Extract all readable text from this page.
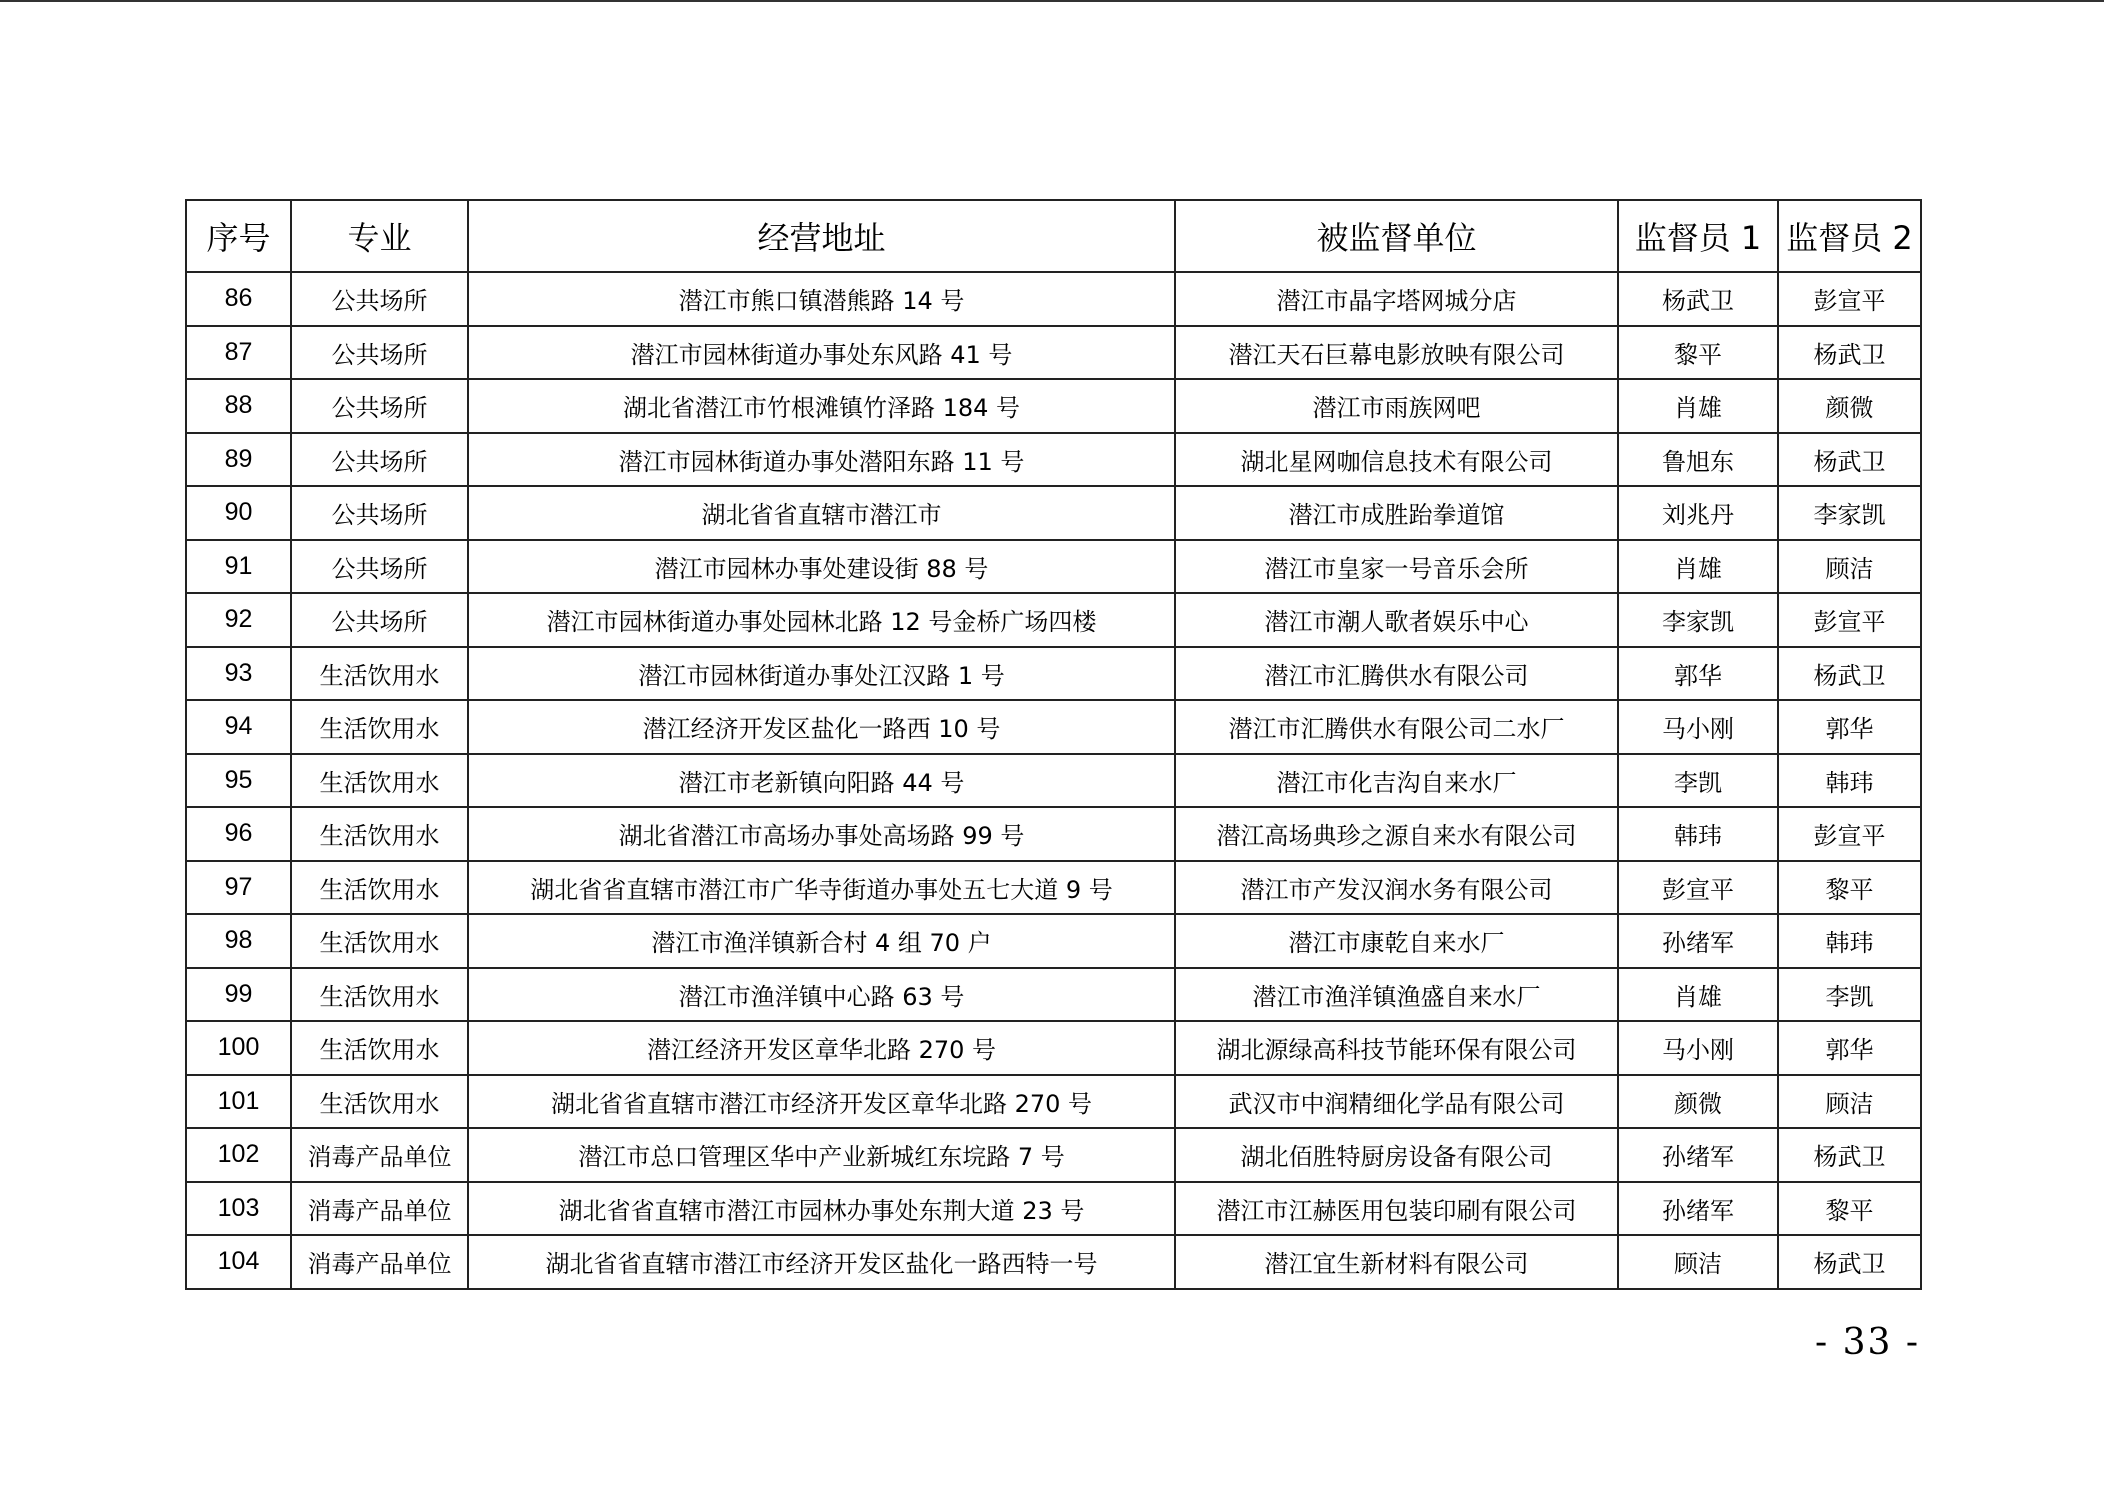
序号	专业	经营地址	被监督单位	监督员 1	监督员 2
86	公共场所	潜江市熊口镇潜熊路 14 号	潜江市晶字塔网城分店	杨武卫	彭宣平
87	公共场所	潜江市园林街道办事处东风路 41 号	潜江天石巨幕电影放映有限公司	黎平	杨武卫
88	公共场所	湖北省潜江市竹根滩镇竹泽路 184 号	潜江市雨族网吧	肖雄	颜微
89	公共场所	潜江市园林街道办事处潜阳东路 11 号	湖北星网咖信息技术有限公司	鲁旭东	杨武卫
90	公共场所	湖北省省直辖市潜江市	潜江市成胜跆拳道馆	刘兆丹	李家凯
91	公共场所	潜江市园林办事处建设街 88 号	潜江市皇家一号音乐会所	肖雄	顾洁
92	公共场所	潜江市园林街道办事处园林北路 12 号金桥广场四楼	潜江市潮人歌者娱乐中心	李家凯	彭宣平
93	生活饮用水	潜江市园林街道办事处江汉路 1 号	潜江市汇腾供水有限公司	郭华	杨武卫
94	生活饮用水	潜江经济开发区盐化一路西 10 号	潜江市汇腾供水有限公司二水厂	马小刚	郭华
95	生活饮用水	潜江市老新镇向阳路 44 号	潜江市化吉沟自来水厂	李凯	韩玮
96	生活饮用水	湖北省潜江市高场办事处高场路 99 号	潜江高场典珍之源自来水有限公司	韩玮	彭宣平
97	生活饮用水	湖北省省直辖市潜江市广华寺街道办事处五七大道 9 号	潜江市产发汉润水务有限公司	彭宣平	黎平
98	生活饮用水	潜江市渔洋镇新合村 4 组 70 户	潜江市康乾自来水厂	孙绪军	韩玮
99	生活饮用水	潜江市渔洋镇中心路 63 号	潜江市渔洋镇渔盛自来水厂	肖雄	李凯
100	生活饮用水	潜江经济开发区章华北路 270 号	湖北源绿高科技节能环保有限公司	马小刚	郭华
101	生活饮用水	湖北省省直辖市潜江市经济开发区章华北路 270 号	武汉市中润精细化学品有限公司	颜微	顾洁
102	消毒产品单位	潜江市总口管理区华中产业新城红东垸路 7 号	湖北佰胜特厨房设备有限公司	孙绪军	杨武卫
103	消毒产品单位	湖北省省直辖市潜江市园林办事处东荆大道 23 号	潜江市江赫医用包装印刷有限公司	孙绪军	黎平
104	消毒产品单位	湖北省省直辖市潜江市经济开发区盐化一路西特一号	潜江宜生新材料有限公司	顾洁	杨武卫
- 33 -
